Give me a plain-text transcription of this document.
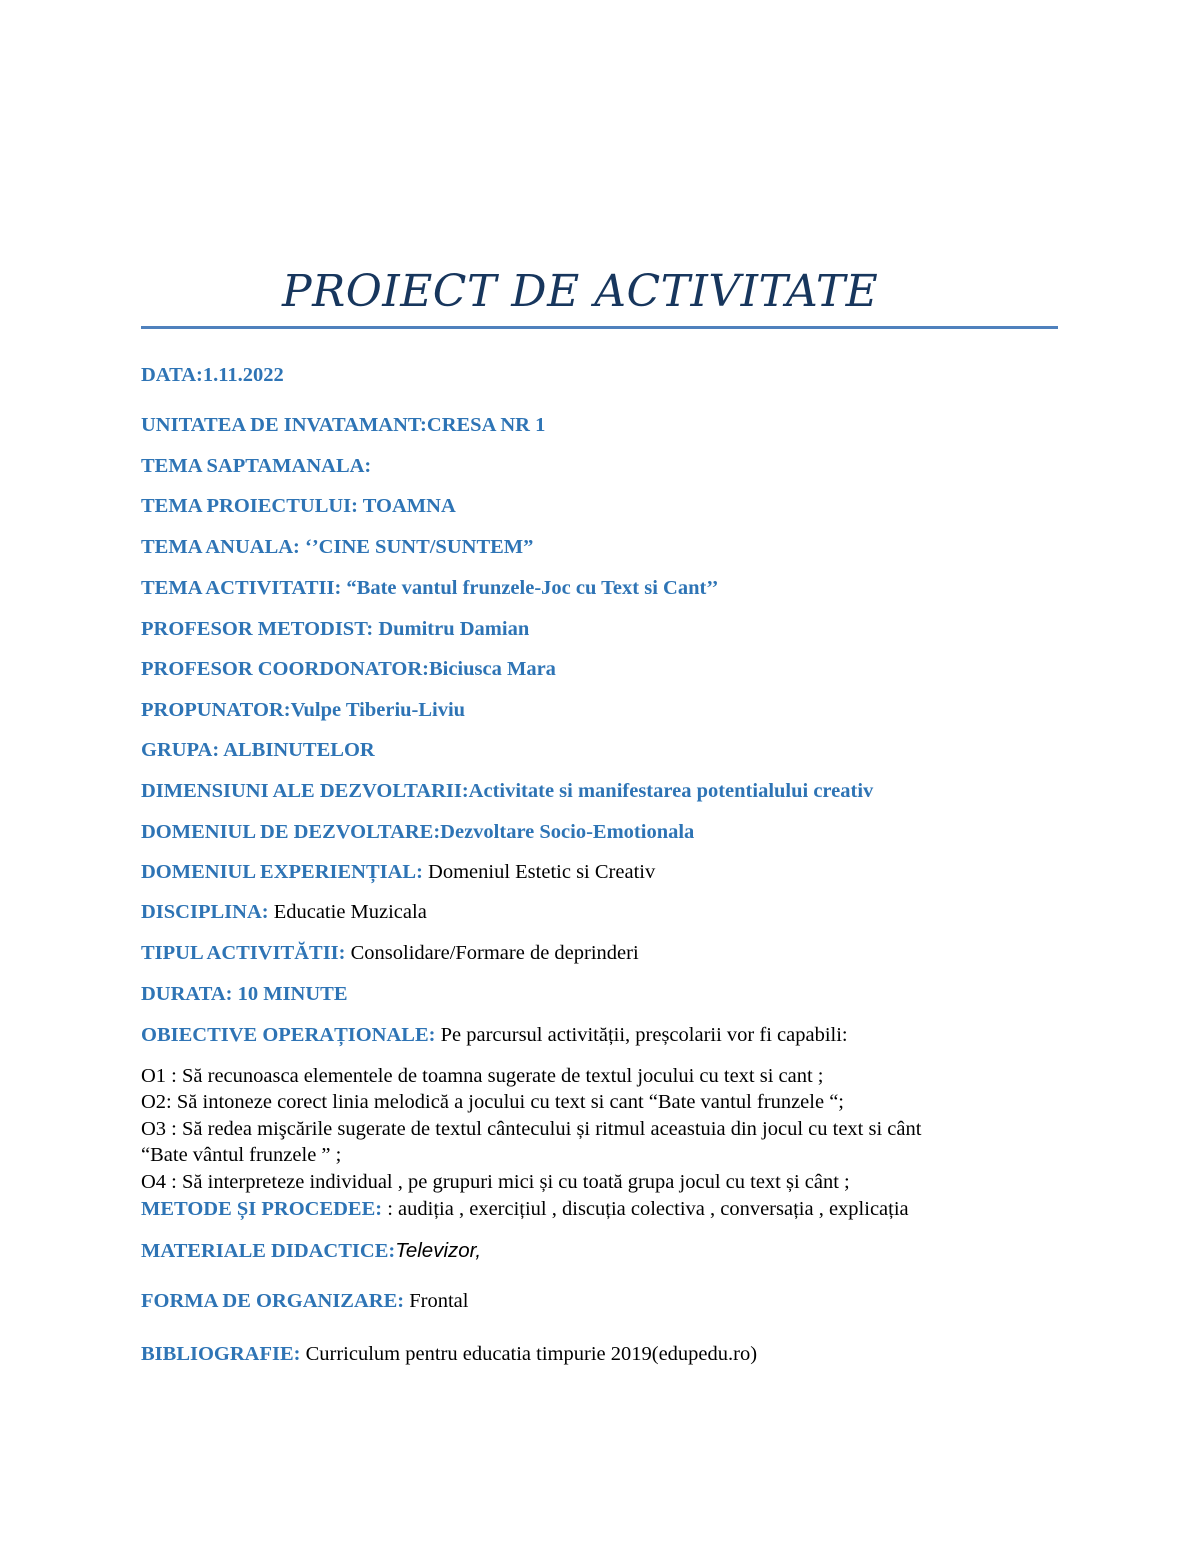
PROIECT DE ACTIVITATE
DATA:1.11.2022
UNITATEA DE INVATAMANT:CRESA NR 1
TEMA SAPTAMANALA:
TEMA PROIECTULUI: TOAMNA
TEMA ANUALA: ‘’CINE SUNT/SUNTEM”
TEMA ACTIVITATII: “Bate vantul frunzele-Joc cu Text si Cant’’
PROFESOR METODIST: Dumitru Damian
PROFESOR COORDONATOR:Biciusca Mara
PROPUNATOR:Vulpe Tiberiu-Liviu
GRUPA: ALBINUTELOR
DIMENSIUNI ALE DEZVOLTARII:Activitate si manifestarea potentialului creativ
DOMENIUL DE DEZVOLTARE:Dezvoltare Socio-Emotionala
DOMENIUL EXPERIENȚIAL: Domeniul Estetic si Creativ
DISCIPLINA: Educatie Muzicala
TIPUL ACTIVITĂTII: Consolidare/Formare de deprinderi
DURATA: 10 MINUTE
OBIECTIVE OPERAȚIONALE: Pe parcursul activității, preșcolarii vor fi capabili:
O1 : Să recunoasca elementele de toamna sugerate de textul jocului cu text si cant ;
O2: Să intoneze corect linia melodică a jocului cu text si cant “Bate vantul frunzele “;
O3 : Să redea mişcările sugerate de textul cântecului și ritmul aceastuia din jocul cu text si cânt
“Bate vântul frunzele ” ;
O4 : Să interpreteze individual , pe grupuri mici și cu toată grupa jocul cu text și cânt ;
METODE ȘI PROCEDEE: : audiția , exercițiul , discuția colectiva , conversația , explicația
MATERIALE DIDACTICE:Televizor,
FORMA DE ORGANIZARE: Frontal
BIBLIOGRAFIE: Curriculum pentru educatia timpurie 2019(edupedu.ro)
